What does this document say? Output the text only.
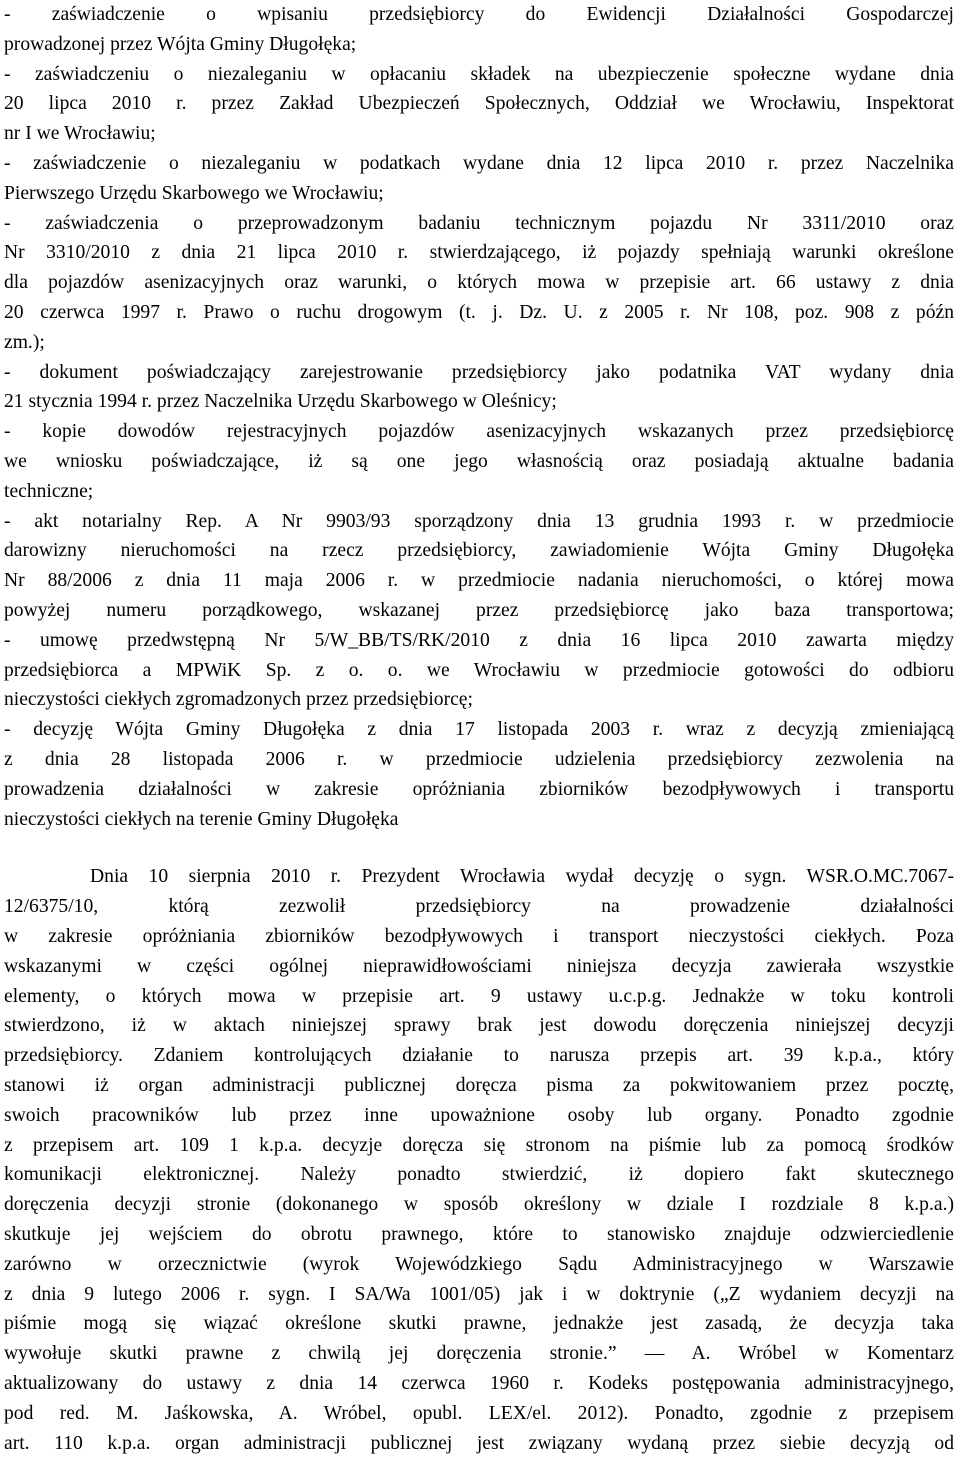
- zaświadczenie o wpisaniu przedsiębiorcy do Ewidencji Działalności Gospodarczej
prowadzonej przez Wójta Gminy Długołęka;
- zaświadczeniu o niezaleganiu w opłacaniu składek na ubezpieczenie społeczne wydane dnia
20 lipca 2010 r. przez Zakład Ubezpieczeń Społecznych, Oddział we Wrocławiu, Inspektorat
nr I we Wrocławiu;
- zaświadczenie o niezaleganiu w podatkach wydane dnia 12 lipca 2010 r. przez Naczelnika
Pierwszego Urzędu Skarbowego we Wrocławiu;
- zaświadczenia o przeprowadzonym badaniu technicznym pojazdu Nr 3311/2010 oraz
Nr 3310/2010 z dnia 21 lipca 2010 r. stwierdzającego, iż pojazdy spełniają warunki określone
dla pojazdów asenizacyjnych oraz warunki, o których mowa w przepisie art. 66 ustawy z dnia
20 czerwca 1997 r. Prawo o ruchu drogowym (t. j. Dz. U. z 2005 r. Nr 108, poz. 908 z późn
zm.);
- dokument poświadczający zarejestrowanie przedsiębiorcy jako podatnika VAT wydany dnia
21 stycznia 1994 r. przez Naczelnika Urzędu Skarbowego w Oleśnicy;
- kopie dowodów rejestracyjnych pojazdów asenizacyjnych wskazanych przez przedsiębiorcę
we wniosku poświadczające, iż są one jego własnością oraz posiadają aktualne badania
techniczne;
- akt notarialny Rep. A Nr 9903/93 sporządzony dnia 13 grudnia 1993 r. w przedmiocie
darowizny nieruchomości na rzecz przedsiębiorcy, zawiadomienie Wójta Gminy Długołęka
Nr 88/2006 z dnia 11 maja 2006 r. w przedmiocie nadania nieruchomości, o której mowa
powyżej numeru porządkowego, wskazanej przez przedsiębiorcę jako baza transportowa;
- umowę przedwstępną Nr 5/W_BB/TS/RK/2010 z dnia 16 lipca 2010 zawarta między
przedsiębiorca a MPWiK Sp. z o. o. we Wrocławiu w przedmiocie gotowości do odbioru
nieczystości ciekłych zgromadzonych przez przedsiębiorcę;
- decyzję Wójta Gminy Długołęka z dnia 17 listopada 2003 r. wraz z decyzją zmieniającą
z dnia 28 listopada 2006 r. w przedmiocie udzielenia przedsiębiorcy zezwolenia na
prowadzenia działalności w zakresie opróżniania zbiorników bezodpływowych i transportu
nieczystości ciekłych na terenie Gminy Długołęka
Dnia 10 sierpnia 2010 r. Prezydent Wrocławia wydał decyzję o sygn. WSR.O.MC.7067-
12/6375/10, którą zezwolił przedsiębiorcy na prowadzenie działalności
w zakresie opróżniania zbiorników bezodpływowych i transport nieczystości ciekłych. Poza
wskazanymi w części ogólnej nieprawidłowościami niniejsza decyzja zawierała wszystkie
elementy, o których mowa w przepisie art. 9 ustawy u.c.p.g. Jednakże w toku kontroli
stwierdzono, iż w aktach niniejszej sprawy brak jest dowodu doręczenia niniejszej decyzji
przedsiębiorcy. Zdaniem kontrolujących działanie to narusza przepis art. 39 k.p.a., który
stanowi iż organ administracji publicznej doręcza pisma za pokwitowaniem przez pocztę,
swoich pracowników lub przez inne upoważnione osoby lub organy. Ponadto zgodnie
z przepisem art. 109 1 k.p.a. decyzje doręcza się stronom na piśmie lub za pomocą środków
komunikacji elektronicznej. Należy ponadto stwierdzić, iż dopiero fakt skutecznego
doręczenia decyzji stronie (dokonanego w sposób określony w dziale I rozdziale 8 k.p.a.)
skutkuje jej wejściem do obrotu prawnego, które to stanowisko znajduje odzwierciedlenie
zarówno w orzecznictwie (wyrok Wojewódzkiego Sądu Administracyjnego w Warszawie
z dnia 9 lutego 2006 r. sygn. I SA/Wa 1001/05) jak i w doktrynie („Z wydaniem decyzji na
piśmie mogą się wiązać określone skutki prawne, jednakże jest zasadą, że decyzja taka
wywołuje skutki prawne z chwilą jej doręczenia stronie.” — A. Wróbel w Komentarz
aktualizowany do ustawy z dnia 14 czerwca 1960 r. Kodeks postępowania administracyjnego,
pod red. M. Jaśkowska, A. Wróbel, opubl. LEX/el. 2012). Ponadto, zgodnie z przepisem
art. 110 k.p.a. organ administracji publicznej jest związany wydaną przez siebie decyzją od
